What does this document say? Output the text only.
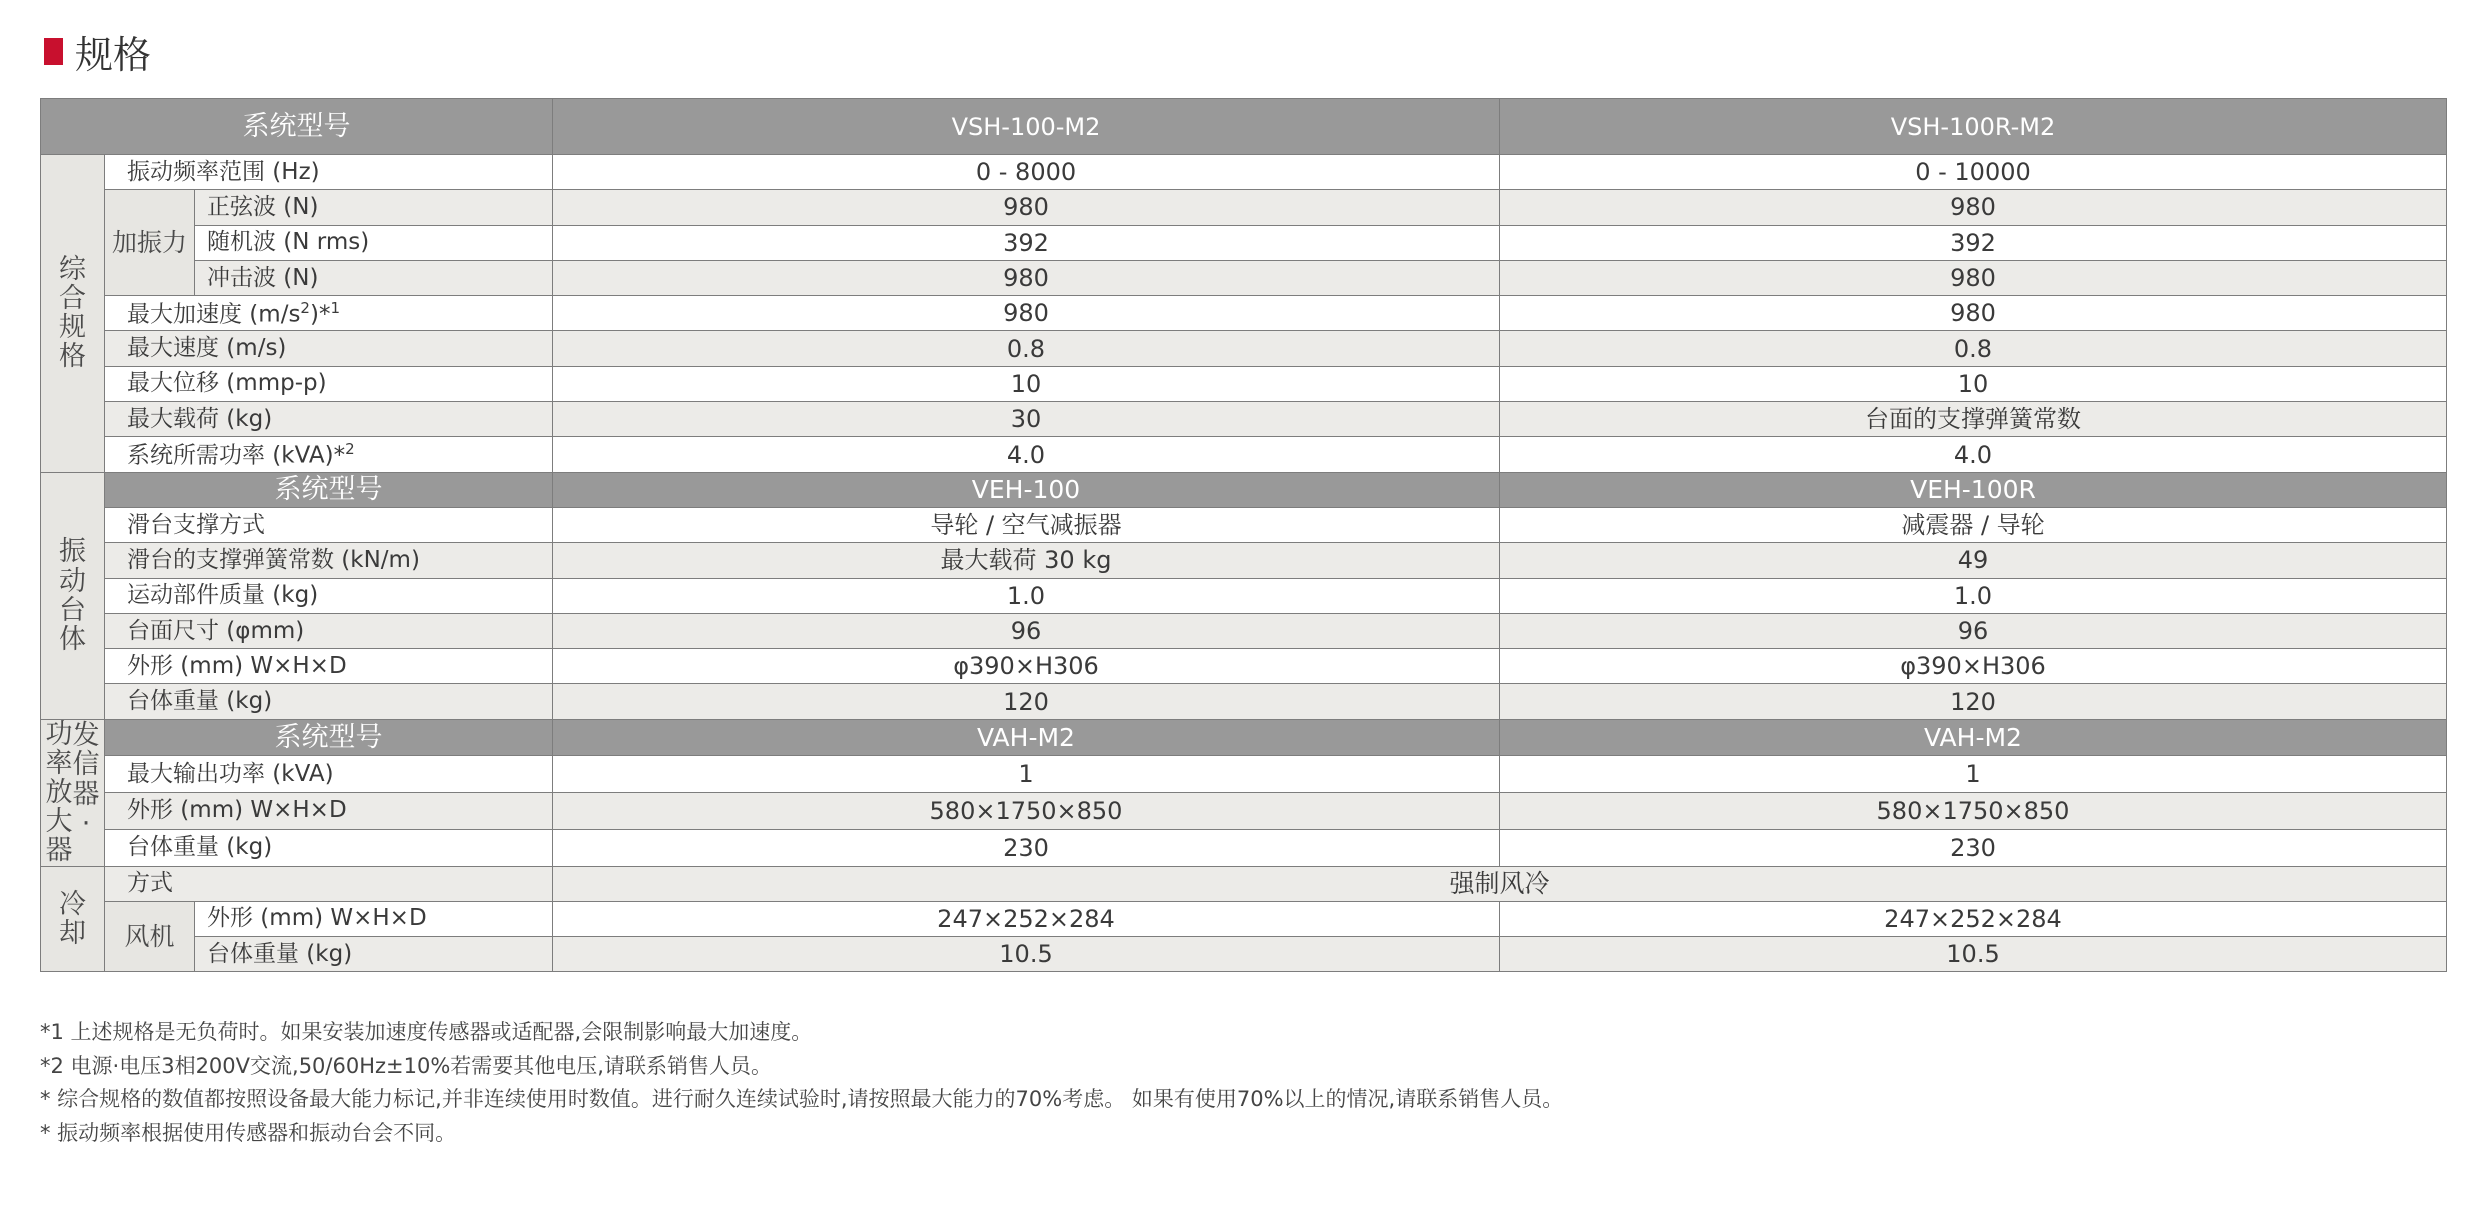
规格
系统型号			VSH-100-M2	VSH-100R-M2
综合规格	振动频率范围 (Hz)		0 - 8000	0 - 10000
	加振力	正弦波 (N)	980	980
		随机波 (N rms)	392	392
		冲击波 (N)	980	980
	最大加速度 $(m/s^2)*^1$		980	980
	最大速度 (m/s)		0.8	0.8
	最大位移 (mmp-p)		10	10
	最大载荷 (kg)		30	台面的支撑弹簧常数
	系统所需功率 (kVA)*$^2$		4.0	4.0
振动台体	系统型号		VEH-100	VEH-100R
	滑台支撑方式		导轮 / 空气减振器	减震器 / 导轮
	滑台的支撑弹簧常数 (kN/m)		最大载荷 30 kg	49
	运动部件质量 (kg)		1.0	1.0
	台面尺寸 (φmm)		96	96
	外形 (mm) W×H×D		φ390×H306	φ390×H306
	台体重量 (kg)		120	120

功率放大器
发信器·	系统型号		VAH-M2	VAH-M2
	最大输出功率 (kVA)		1	1
	外形 (mm) W×H×D		580×1750×850	580×1750×850
	台体重量 (kg)		230	230
冷却	方式		强制风冷	
	风机	外形 (mm) W×H×D	247×252×284	247×252×284
		台体重量 (kg)	10.5	10.5
*1 上述规格是无负荷时。如果安装加速度传感器或适配器,会限制影响最大加速度。
*2 电源·电压3相200V交流,50/60Hz±10%若需要其他电压,请联系销售人员。
* 综合规格的数值都按照设备最大能力标记,并非连续使用时数值。进行耐久连续试验时,请按照最大能力的70%考虑。 如果有使用70%以上的情况,请联系销售人员。
* 振动频率根据使用传感器和振动台会不同。
